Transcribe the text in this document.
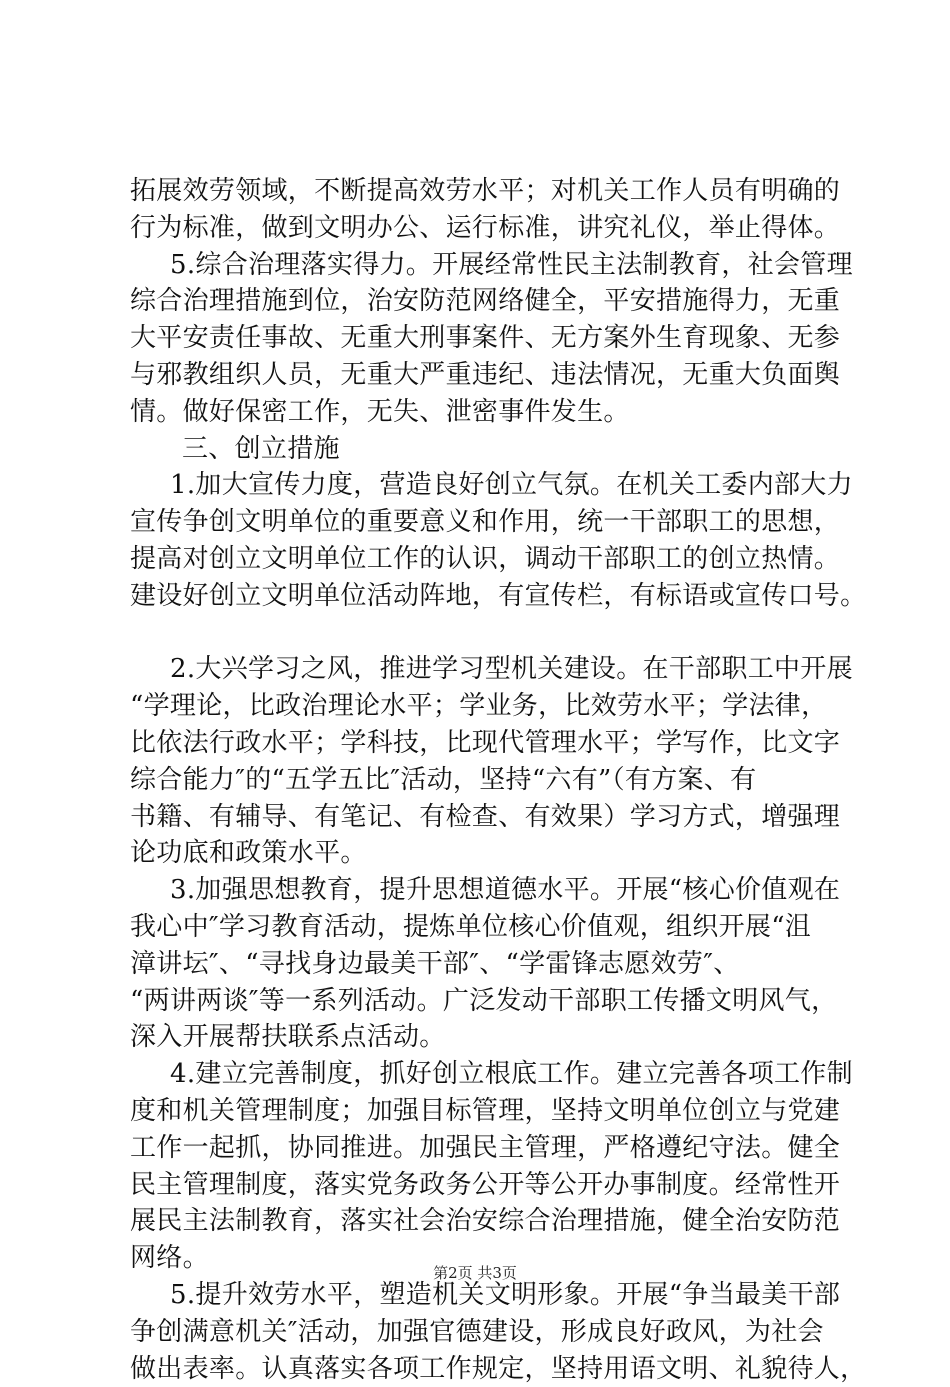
拓展效劳领域，不断提高效劳水平；对机关工作人员有明确的
行为标准，做到文明办公、运行标准，讲究礼仪，举止得体。
5.综合治理落实得力。开展经常性民主法制教育，社会管理
综合治理措施到位，治安防范网络健全，平安措施得力，无重
大平安责任事故、无重大刑事案件、无方案外生育现象、无参
与邪教组织人员，无重大严重违纪、违法情况，无重大负面舆
情。做好保密工作，无失、泄密事件发生。
三、创立措施
1.加大宣传力度，营造良好创立气氛。在机关工委内部大力
宣传争创文明单位的重要意义和作用，统一干部职工的思想，
提高对创立文明单位工作的认识，调动干部职工的创立热情。
建设好创立文明单位活动阵地，有宣传栏，有标语或宣传口号。
2.大兴学习之风，推进学习型机关建设。在干部职工中开展
“学理论，比政治理论水平；学业务，比效劳水平；学法律，
比依法行政水平；学科技，比现代管理水平；学写作，比文字
综合能力″的“五学五比″活动，坚持“六有”（有方案、有
书籍、有辅导、有笔记、有检查、有效果）学习方式，增强理
论功底和政策水平。
3.加强思想教育，提升思想道德水平。开展“核心价值观在
我心中″学习教育活动，提炼单位核心价值观，组织开展“沮
漳讲坛″、“寻找身边最美干部″、“学雷锋志愿效劳″、
“两讲两谈″等一系列活动。广泛发动干部职工传播文明风气，
深入开展帮扶联系点活动。
4.建立完善制度，抓好创立根底工作。建立完善各项工作制
度和机关管理制度；加强目标管理，坚持文明单位创立与党建
工作一起抓，协同推进。加强民主管理，严格遵纪守法。健全
民主管理制度，落实党务政务公开等公开办事制度。经常性开
展民主法制教育，落实社会治安综合治理措施，健全治安防范
网络。
5.提升效劳水平，塑造机关文明形象。开展“争当最美干部
争创满意机关″活动，加强官德建设，形成良好政风，为社会
做出表率。认真落实各项工作规定，坚持用语文明、礼貌待人，
第2页 共3页
